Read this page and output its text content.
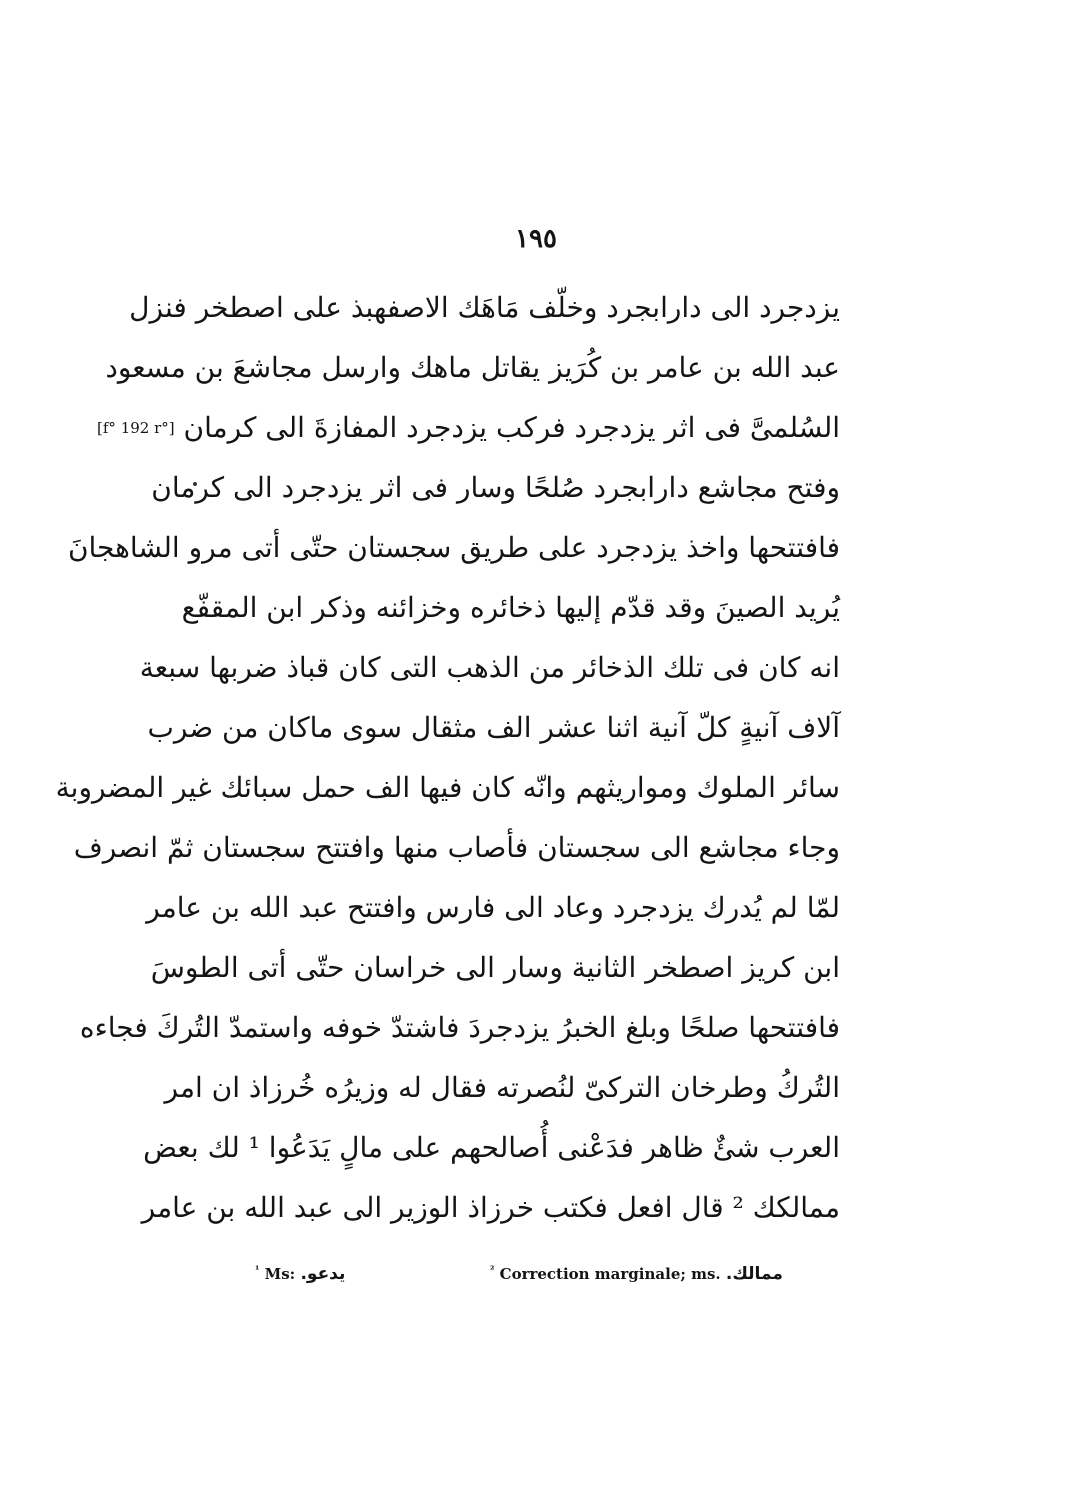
١٩٥
يزدجرد الى دارابجرد وخلّف مَاهَك الاصفهبذ على اصطخر فنزل
عبد الله بن عامر بن كُرَيز يقاتل ماهك وارسل مجاشعَ بن مسعود
السُلمىَّ فى اثر يزدجرد فركب يزدجرد المفازةَ الى كرمان [f° 192 r°]
وفتح مجاشع دارابجرد صُلحًا وسار فى اثر يزدجرد الى كرمان
فافتتحها واخذ يزدجرد على طريق سجستان حتّى أتى مرو الشاهجانَ
يُريد الصينَ وقد قدّم إليها ذخائره وخزائنه وذكر ابن المقفّع
انه كان فى تلك الذخائر من الذهب التى كان قباذ ضربها سبعة
آلاف آنيةٍ كلّ آنية اثنا عشر الف مثقال سوى ماكان من ضرب
سائر الملوك ومواريثهم وانّه كان فيها الف حمل سبائك غير المضروبة
وجاء مجاشع الى سجستان فأصاب منها وافتتح سجستان ثمّ انصرف
لمّا لم يُدرك يزدجرد وعاد الى فارس وافتتح عبد الله بن عامر
ابن كريز اصطخر الثانية وسار الى خراسان حتّى أتى الطوسَ
فافتتحها صلحًا وبلغ الخبرُ يزدجردَ فاشتدّ خوفه واستمدّ التُركَ فجاءه
التُركُ وطرخان التركىّ لنُصرته فقال له وزيرُه خُرزاذ ان امر
العرب شئٌ ظاهر فدَعْنى أُصالحهم على مالٍ يَدَعُوا ¹ لك بعض
ممالكك ² قال افعل فكتب خرزاذ الوزير الى عبد الله بن عامر
$^{^1}$ Ms: يدعو.	$^{^2}$ Correction marginale; ms. ممالك.
